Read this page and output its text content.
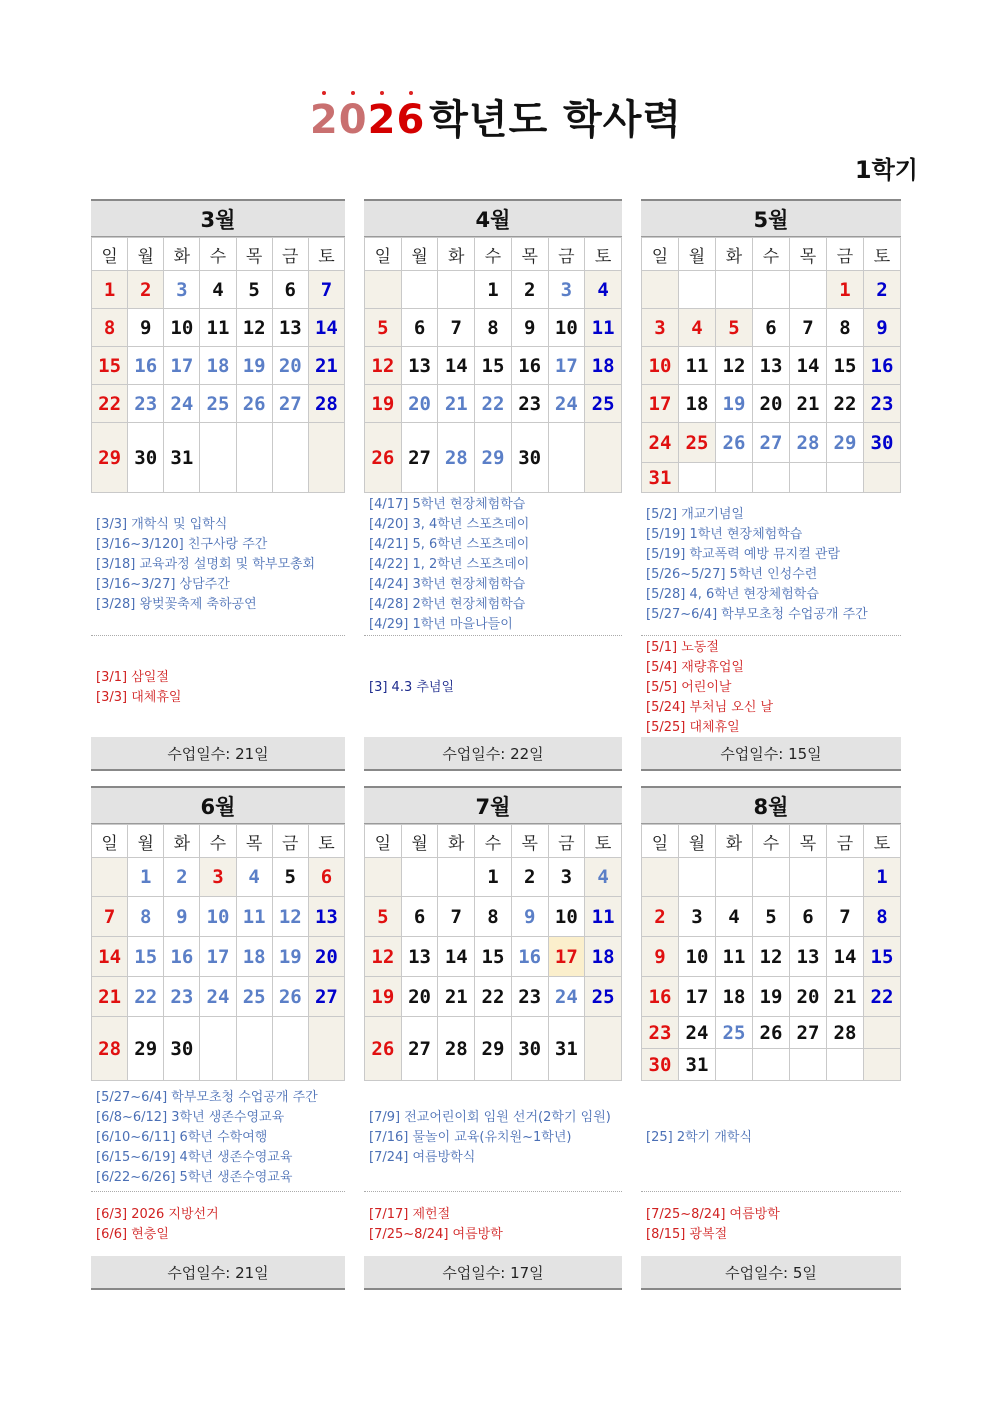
2026 학년도 학사력
1학기
3월
일	월	화	수	목	금	토
1	2	3	4	5	6	7
8	9	10	11	12	13	14
15	16	17	18	19	20	21
22	23	24	25	26	27	28
29	30	31				
[3/3] 개학식 및 입학식
[3/16~3/120] 친구사랑 주간
[3/18] 교육과정 설명회 및 학부모총회
[3/16~3/27] 상담주간
[3/28] 왕벚꽃축제 축하공연
[3/1] 삼일절
[3/3] 대체휴일
수업일수: 21일
4월
일	월	화	수	목	금	토
			1	2	3	4
5	6	7	8	9	10	11
12	13	14	15	16	17	18
19	20	21	22	23	24	25
26	27	28	29	30		
[4/17] 5학년 현장체험학습
[4/20] 3, 4학년 스포츠데이
[4/21] 5, 6학년 스포츠데이
[4/22] 1, 2학년 스포츠데이
[4/24] 3학년 현장체험학습
[4/28] 2학년 현장체험학습
[4/29] 1학년 마을나들이
[3] 4.3 추념일
수업일수: 22일
5월
일	월	화	수	목	금	토
					1	2
3	4	5	6	7	8	9
10	11	12	13	14	15	16
17	18	19	20	21	22	23
24	25	26	27	28	29	30
31						
[5/2] 개교기념일
[5/19] 1학년 현장체험학습
[5/19] 학교폭력 예방 뮤지컬 관람
[5/26~5/27] 5학년 인성수련
[5/28] 4, 6학년 현장체험학습
[5/27~6/4] 학부모초청 수업공개 주간
[5/1] 노동절
[5/4] 재량휴업일
[5/5] 어린이날
[5/24] 부처님 오신 날
[5/25] 대체휴일
수업일수: 15일
6월
일	월	화	수	목	금	토
	1	2	3	4	5	6
7	8	9	10	11	12	13
14	15	16	17	18	19	20
21	22	23	24	25	26	27
28	29	30				
[5/27~6/4] 학부모초청 수업공개 주간
[6/8~6/12] 3학년 생존수영교육
[6/10~6/11] 6학년 수학여행
[6/15~6/19] 4학년 생존수영교육
[6/22~6/26] 5학년 생존수영교육
[6/3] 2026 지방선거
[6/6] 현충일
수업일수: 21일
7월
일	월	화	수	목	금	토
			1	2	3	4
5	6	7	8	9	10	11
12	13	14	15	16	17	18
19	20	21	22	23	24	25
26	27	28	29	30	31	
[7/9] 전교어린이회 임원 선거(2학기 임원)
[7/16] 물놀이 교육(유치원~1학년)
[7/24] 여름방학식
[7/17] 제헌절
[7/25~8/24] 여름방학
수업일수: 17일
8월
일	월	화	수	목	금	토
						1
2	3	4	5	6	7	8
9	10	11	12	13	14	15
16	17	18	19	20	21	22
23	24	25	26	27	28	
30	31					
[25] 2학기 개학식
[7/25~8/24] 여름방학
[8/15] 광복절
수업일수: 5일
